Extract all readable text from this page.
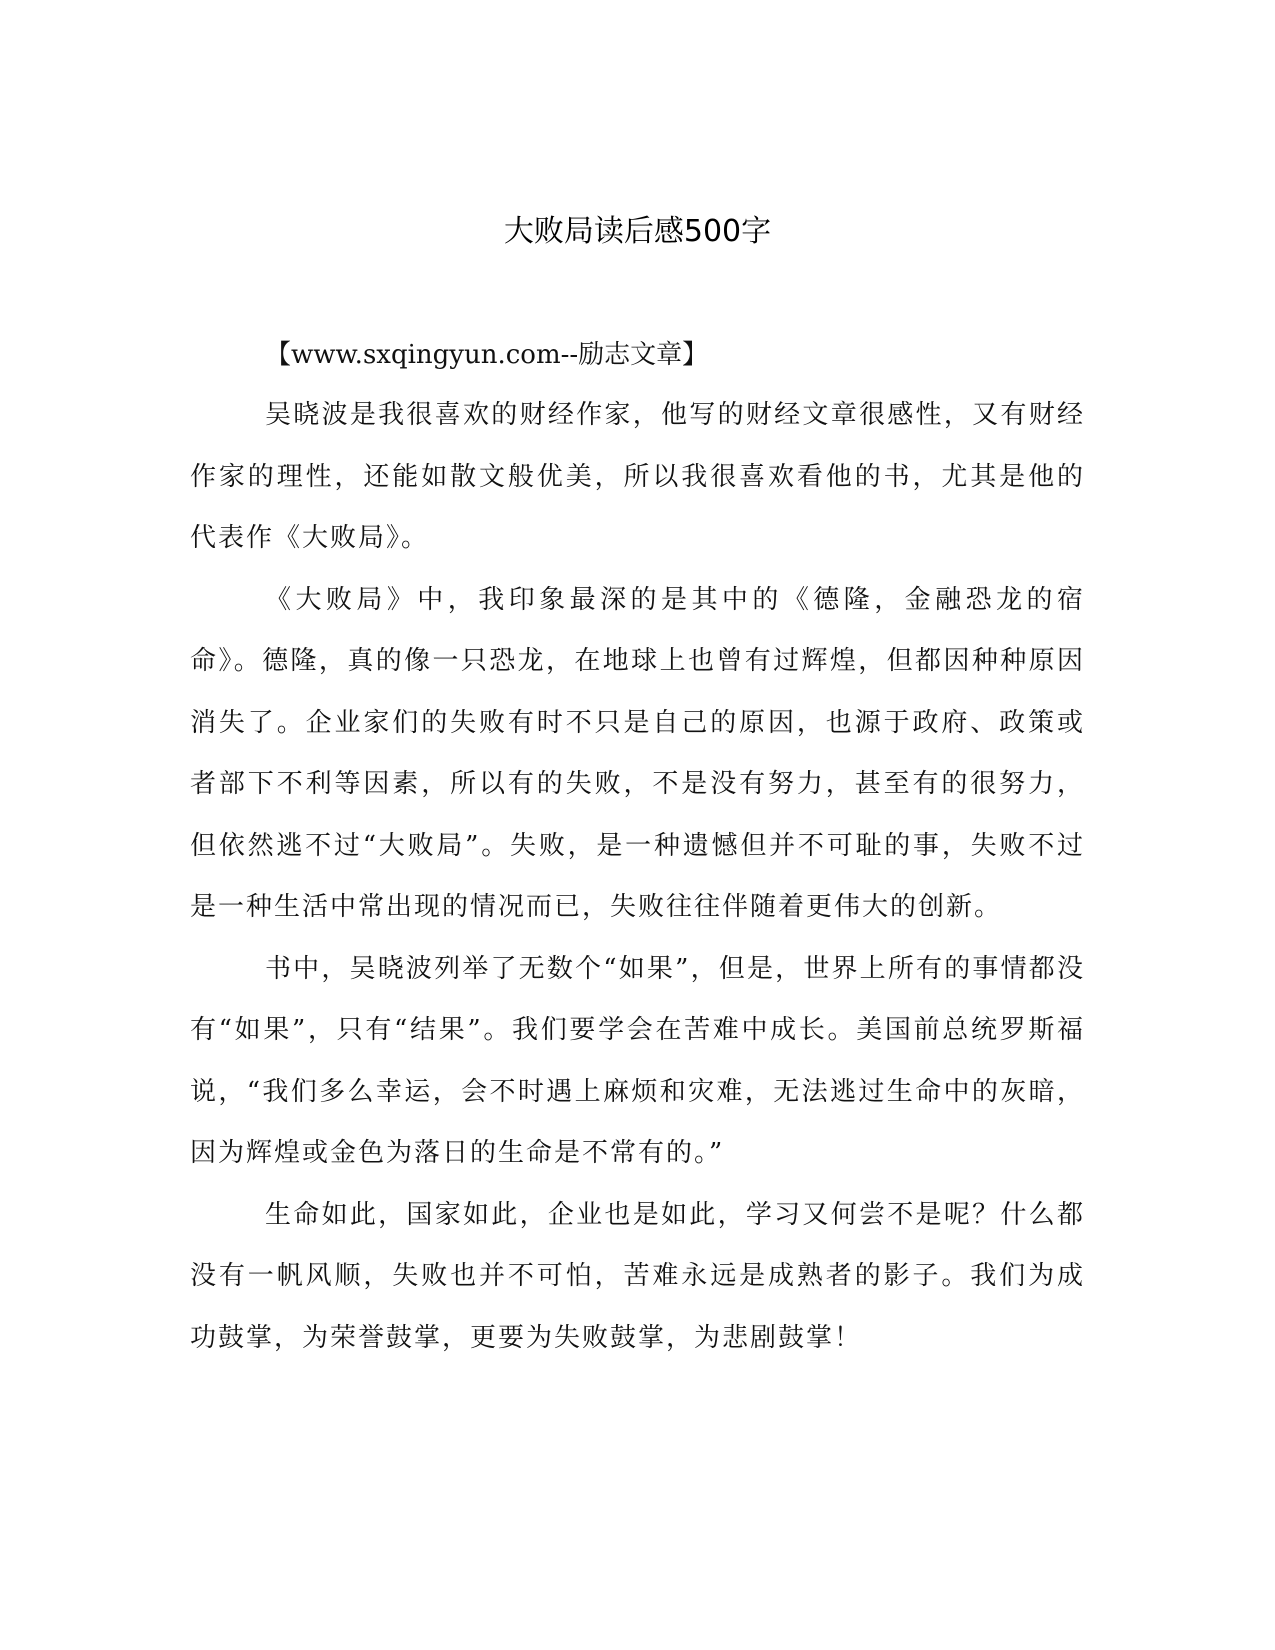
大败局读后感500字

【www.sxqingyun.com--励志文章】

吴晓波是我很喜欢的财经作家，他写的财经文章很感性，又有财经作家的理性，还能如散文般优美，所以我很喜欢看他的书，尤其是他的代表作《大败局》。

《大败局》中，我印象最深的是其中的《德隆，金融恐龙的宿命》。德隆，真的像一只恐龙，在地球上也曾有过辉煌，但都因种种原因消失了。企业家们的失败有时不只是自己的原因，也源于政府、政策或者部下不利等因素，所以有的失败，不是没有努力，甚至有的很努力，但依然逃不过“大败局”。失败，是一种遗憾但并不可耻的事，失败不过是一种生活中常出现的情况而已，失败往往伴随着更伟大的创新。

书中，吴晓波列举了无数个“如果”，但是，世界上所有的事情都没有“如果”，只有“结果”。我们要学会在苦难中成长。美国前总统罗斯福说，“我们多么幸运，会不时遇上麻烦和灾难，无法逃过生命中的灰暗，因为辉煌或金色为落日的生命是不常有的。”

生命如此，国家如此，企业也是如此，学习又何尝不是呢？什么都没有一帆风顺，失败也并不可怕，苦难永远是成熟者的影子。我们为成功鼓掌，为荣誉鼓掌，更要为失败鼓掌，为悲剧鼓掌！
